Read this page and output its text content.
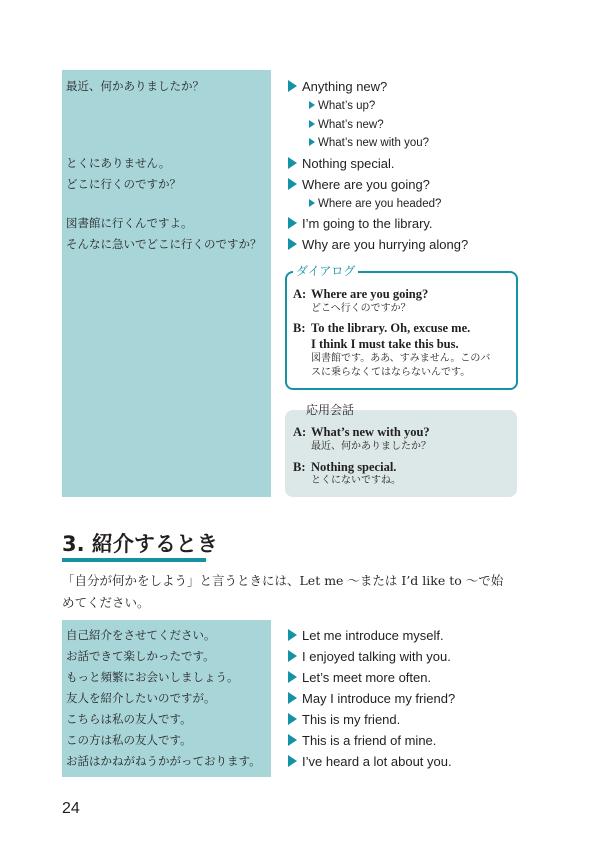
最近、何かありましたか？
とくにありません。
どこに行くのですか？
図書館に行くんですよ。
そんなに急いでどこに行くのですか？
Anything new?
What’s up?
What’s new?
What’s new with you?
Nothing special.
Where are you going?
Where are you headed?
I’m going to the library.
Why are you hurrying along?
ダイアログ
A: Where are you going?
どこへ行くのですか？
B: To the library. Oh, excuse me.
I think I must take this bus.
図書館です。ああ、すみません。このバ
スに乗らなくてはならないんです。
応用会話
A: What’s new with you?
最近、何かありましたか？
B: Nothing special.
とくにないですね。
3. 紹介するとき
「自分が何かをしよう」と言うときには、Let me ～または I’d like to ～で始
めてください。
自己紹介をさせてください。
お話できて楽しかったです。
もっと頻繁にお会いしましょう。
友人を紹介したいのですが。
こちらは私の友人です。
この方は私の友人です。
お話はかねがねうかがっております。
Let me introduce myself.
I enjoyed talking with you.
Let’s meet more often.
May I introduce my friend?
This is my friend.
This is a friend of mine.
I’ve heard a lot about you.
24
